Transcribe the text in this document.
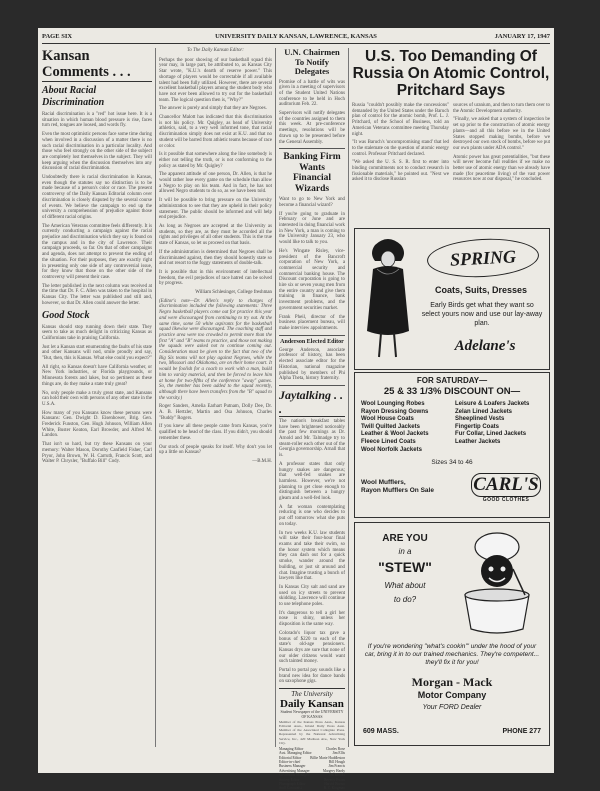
PAGE SIX	UNIVERSITY DAILY KANSAN, LAWRENCE, KANSAS	JANUARY 17, 1947
Kansan Comments . . .
About Racial Discrimination

Racial discrimination is a "red" hot issue here. It is a situation in which human blood pressure is rise, faces turn red, tongues are loosed, and words fly.

Even the most optimistic persons face some time during when involved in a discussion of a matter there is no such racial discrimination in a particular locality. And those who feel strongly on the other side of the subject are completely lost themselves in the subject. They will keep arguing when the discussion themselves into any discussion of racial discrimination.

Undoubtedly there is racial discrimination in Kansas, even though the statutes say no distinction is to be made because of a person's color or race. The present controversy of the Daily Kansan Editorial column over discrimination is closely disputed by the several course of events. We believe the campaign to end up the university a comprehension of prejudice against those of different racial origins.

The American Veterans committee feels differently. It is currently conducting a campaign against the racial prejudice and discrimination which they say is found on the campus and in the city of Lawrence. Their campaign proceeds, so far. On that of other campaigns and agenda, does not attempt to prevent the ending of the situation. For their purposes, they are exactly right in presenting only one side of any controversial issue, for they know that those on the other side of the controversy will present their case.

The letter published in the next column was received at the time that Dr. F. C. Allen was taken to the hospital in Kansas City. The letter was published and still and, however, so that Dr. Allen could answer the letter.

Good Stock

Kansas should stop running down their state. They seem to take as much delight in criticizing Kansas as Californians take in praising California.

Just let a Kansan start enumerating the faults of his state and other Kansans will nod, smile proudly and say, "But, then, this is Kansas. What else could you expect?"

All right, so Kansas doesn't have California weather, or New York industries, or Florida playgrounds, or Minnesota forests and lakes, but so pertinent as these things are, do they make a state truly great?

No, only people make a truly great state, and Kansans can hold their own with persons of any other state in the U.S.A.

How many of you Kansans know these persons were Kansans: Gen. Dwight D. Eisenhower, Brig. Gen. Frederick Funston, Gen. Hugh Johnson, William Allen White, Buster Keaton, Earl Browder, and Alfred M. Landon.

That isn't so hard, but try these Kansans on your memory: Walter Mason, Dorothy Canfield Fisher, Carl Pryor, John Brown, W. H. Carruth, Francis Scott, and Walter P. Chrysler, "Buffalo Bill" Cody.

To The Daily Kansan Editor:

Perhaps the poor showing of our basketball squad this year may, in large part, be attributed to, as Kansas City Star wrote, "K.U.'s dearth of reserve power." This shortage of players would be correctable if all available talent had been fully utilized. However, there are several excellent basketball players among the student body who have not ever been allowed to try out for the basketball team. The logical question then is, "Why?"

The answer is purely and simply that they are Negroes.

Chancellor Malott has indicated that this discrimination is not his policy. Mr. Quigley, as head of University athletics, said, to a very well informed tone, that racial discrimination simply does not exist at K.U. and that no student will be barred from athletic teams because of race or color.

Is it possible that somewhere along the line somebody is either not telling the truth, or is not conforming to the policy as stated by Mr. Quigley?

The apparent attitude of one person, Dr. Allen, is that he would rather lose every game on the schedule than allow a Negro to play on his team. And in fact, he has not allowed Negro students to do so, as we have been told.

It will be possible to bring pressure on the University administration to see that they are upheld in their policy statement. The public should be informed and will help end prejudice.

As long as Negroes are accepted at the University as students, so they are, as they must be accorded all the rights and privileges of all other students. This is the true state of Kansas, so let us proceed on that basis.

If the administration is determined that Negroes shall be discriminated against, then they should honestly state so and not resort to the foggy statements of double-talk.

It is possible that in this environment of intellectual freedom, the evil prejudices of race hatred can be solved by progress.

William Schlesinger, College freshman

(Editor's note—Dr. Allen's reply to charges of discrimination included the following statements: Three Negro basketball players come out for practice this year and were discouraged from continuing to try out. At the same time, some 50 white aspirants for the basketball squad likewise were discouraged. The coaching staff and practice area were too crowded to permit more than the first "A" and "B" teams to practice, and those not making the squads were asked not to continue coming out. Consideration must be given to the fact that two of the Big Six teams will not play against Negroes, while the two, Missouri and Oklahoma, are on their home court. It would be foolish for a coach to work with a man, build him to varsity material, and then be forced to leave him at home for two-fifths of the conference "away" games. So, the member has been added to the squad recently, although there have been transfers from the "B" squad to the varsity.)

Roger Sanders, Amelia Earhart Putnam, Dolly Dee, Dr. A. B. Hertzler, Martin and Osa Johnson, Charles "Buddy" Rogers.

If you knew all these people came from Kansas, you're qualified to be head of the class. If you didn't, you should remember these.

Our stock of people speaks for itself. Why don't you let up a little on Kansas?

—B.M.H.

U.N. Chairmen To Notify Delegates

Promise of a battle of wits was given in a meeting of supervisors of the Student United Nations conference to be held in Hoch auditorium Feb. 22.

Supervisors will notify delegates of the countries assigned to them this week. At pre-conference meetings, resolutions will be drawn up to be presented before the General Assembly.

Banking Firm Wants Financial Wizards

Want to go to New York and become a financial wizard?

If you're going to graduate in February or June and are interested in doing financial work in New York, a man is coming to the University January 23, who would like to talk to you.

He's Wingate Risley, vice-president of the Bancroft corporation of New York, a commercial security and commercial banking house. The Discount corporation is going to hire six or seven young men from the entire country and give them training in finance, bank investment problems, and the government securities market.

Frank Pheil, director of the business placement bureau, will make interview appointments.

Anderson Elected Editor

George Anderson, associate professor of history, has been elected associate editor for the Historian, national magazine published by members of Phi Alpha Theta, history fraternity.

Jaytalking . . .

The nation's breakfast tables have been brightened noticeably the past few mornings as Dr. Arnold and Mr. Talmadge try to steam-roller each other out of the Georgia governorship. Arnall that is.

A professor states that only hungry snakes are dangerous; that well-fed snakes are harmless. However, we're not planning to get close enough to distinguish between a hungry gleam and a well-fed look.

A fat woman contemplating reducing is one who decides to put off tomorrow what she puts on today.

In two weeks K.U. law students will take their four-hour final exams and take their swim, so the honor system which means they can dash out for a quick smoke, wander around the building, or just sit around and chat. Imagine trusting a bunch of lawyers like that.

In Kansas City salt and sand are used on icy streets to prevent skidding. Lawrence will continue to use telephone poles.

It's dangerous to tell a girl her nose is shiny, unless her disposition is the same way.

Colorado's liquor tax gave a bonus of $220 to each of the state's old-age pensioners. Kansas drys are sure that none of our older citizens would want such tainted money.

Portal to portal pay sounds like a brand new idea for dance bands on saxophone gigs.

The University
Daily Kansan
Student Newspaper of the UNIVERSITY OF KANSAS

Member of the Kansas Press Assn., Kansas Editorial Assn., Inland Daily Press Assn. Member of the Associated Collegiate Press. Represented by the National Advertising Service, Inc., 420 Madison Ave., New York City.

Managing Editor	Charles Rose
Asst. Managing Editor	Jim Ellis
Editorial Editor Billie Marie Huddleston
Editor-in-chief	Bill Hough
Business Manager	Jim Francis
Advertising Manager	Margery Hardy
Circulation Manager	Jim Brooks
Society Editor	Beverly Evans
Photograph Editor	Harold Brown
Staff Cartoonist	R. T. Kingman
U.S. Too Demanding Of Russia On Atomic Control, Pritchard Says

Russia "couldn't possibly make the concessions" demanded by the United States under the Baruch plan of control for the atomic bomb, Prof. L. J. Pritchard, of the School of Business, told an American Veterans committee meeting Thursday night.

"It was Baruch's 'uncompromising stand' that led to the stalemate on the question of atomic energy control. Professor Pritchard declared.

"We asked the U. S. S. R. first to enter into binding commitments not to conduct research in fissionable materials," he pointed out. "Next we asked it to disclose Russian

sources of uranium, and then to turn them over to the Atomic Development authority.

"Finally, we asked that a system of inspection be set up prior to the construction of atomic energy plants—and all this before we in the United States stopped making bombs, before we destroyed our own stock of bombs, before we put our own plants under ADA control."

Atomic power has great potentialities, "but these will never become full realities if we make no better use of atomic energy than we already have made (for peacetime living) of the vast power resources now at our disposal," he concluded.

SPRING
Coats, Suits, Dresses
Early Birds get what they want so select yours now and use our lay-away plan.
Adelane's
FOR SATURDAY—
25 & 33 1/3% DISCOUNT ON—
Wool Lounging Robes
Rayon Dressing Gowns
Wool House Coats
Twill Quilted Jackets
Leather & Wool Jackets
Fleece Lined Coats
Wool Norfolk Jackets
Leisure & Loafers Jackets
Zelan Lined Jackets
Sheeplined Vests
Fingertip Coats
Fur Collar, Lined Jackets
Leather Jackets
Sizes 34 to 46
Wool Mufflers,
Rayon Mufflers On Sale	CARL'S
GOOD CLOTHES
ARE YOU
in a
"STEW"
What about
to do?

If you're wondering "what's cookin'" under the hood of your car, bring it in to our trained mechanics. They're competent... they'll fix it for you!

Morgan - Mack
Motor Company
Your FORD Dealer
609 MASS.	PHONE 277
